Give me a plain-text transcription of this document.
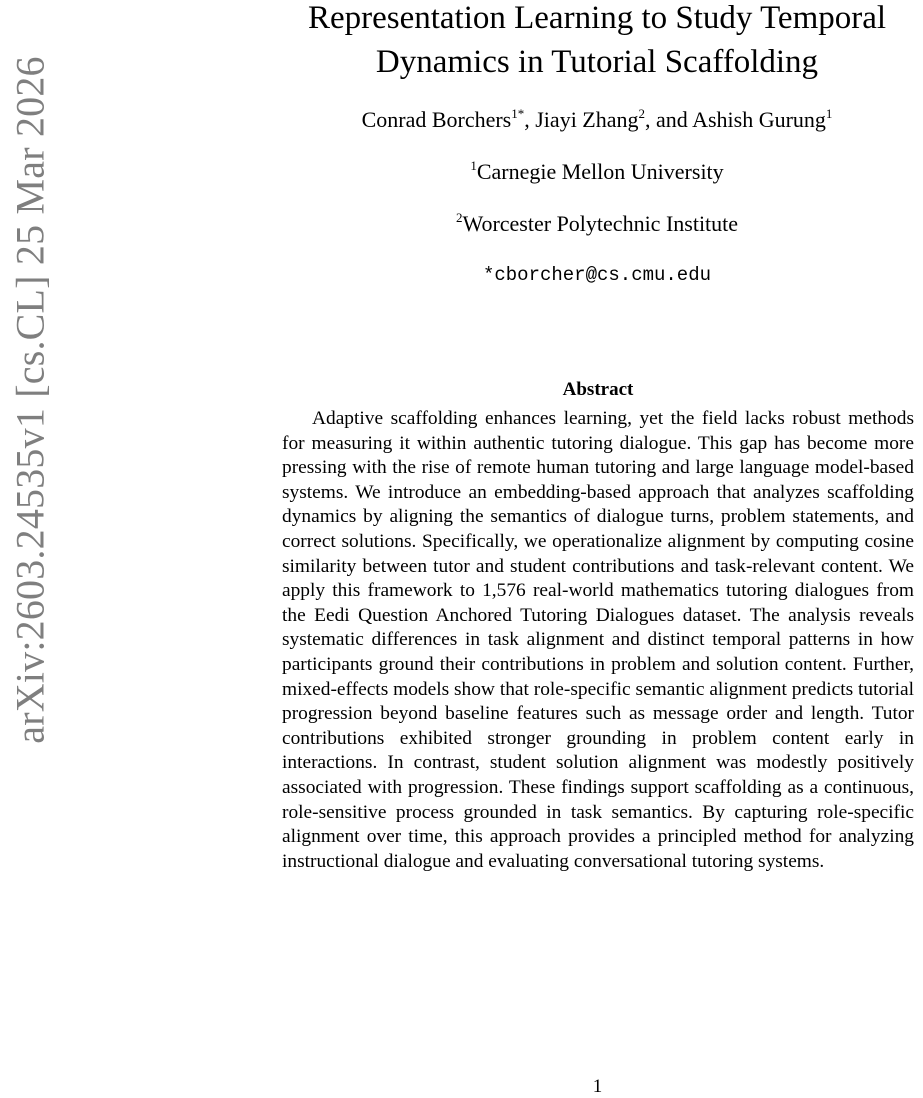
arXiv:2603.24535v1 [cs.CL] 25 Mar 2026
Representation Learning to Study Temporal
Dynamics in Tutorial Scaffolding
Conrad Borchers$^{1*}$, Jiayi Zhang$^2$, and Ashish Gurung$^1$
$^1$Carnegie Mellon University
$^2$Worcester Polytechnic Institute
*cborcher@cs.cmu.edu
Abstract

Adaptive scaffolding enhances learning, yet the field lacks robust methods for measuring it within authentic tutoring dialogue. This gap has become more pressing with the rise of remote human tutoring and large language model-based systems. We introduce an embedding-based approach that analyzes scaffolding dynamics by aligning the semantics of dialogue turns, problem statements, and correct solutions. Specifically, we operationalize alignment by computing cosine similarity between tutor and student contributions and task-relevant content. We apply this framework to 1,576 real-world mathematics tutoring dialogues from the Eedi Question Anchored Tutoring Dialogues dataset. The analysis reveals systematic differences in task alignment and distinct temporal patterns in how participants ground their contributions in problem and solution content. Further, mixed-effects models show that role-specific semantic alignment predicts tutorial progression beyond baseline features such as message order and length. Tutor contributions exhibited stronger grounding in problem content early in interactions. In contrast, student solution alignment was modestly positively associated with progression. These findings support scaffolding as a continuous, role-sensitive process grounded in task semantics. By capturing role-specific alignment over time, this approach provides a principled method for analyzing instructional dialogue and evaluating conversational tutoring systems.

1
